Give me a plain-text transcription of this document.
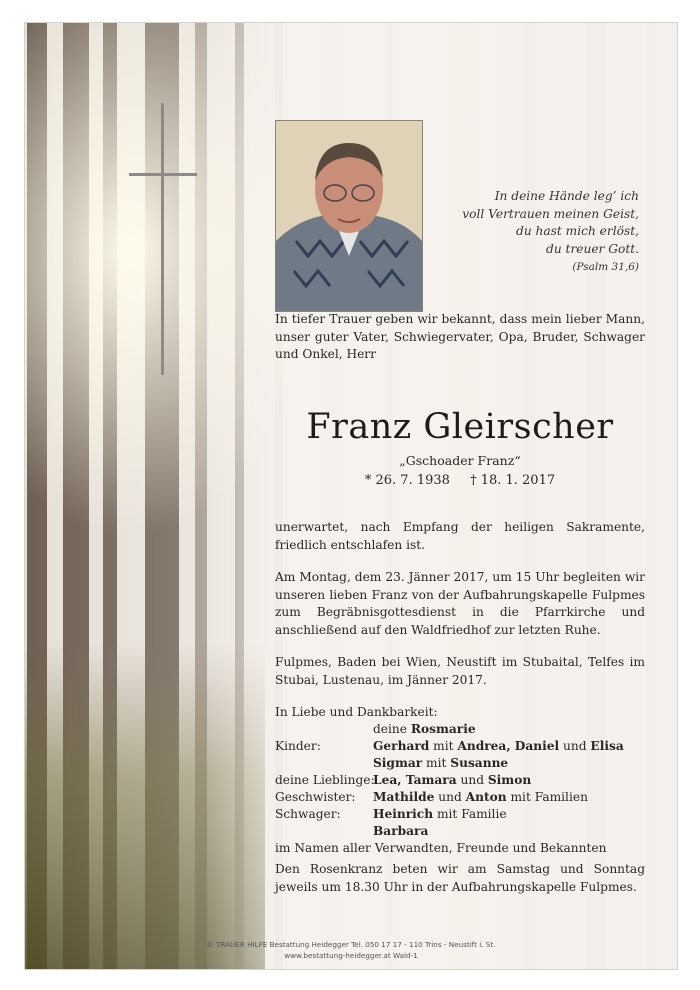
In deine Hände leg’ ich
voll Vertrauen meinen Geist,
du hast mich erlöst,
du treuer Gott.
(Psalm 31,6)
In tiefer Trauer geben wir bekannt, dass mein lieber Mann, unser guter Vater, Schwiegervater, Opa, Bruder, Schwager und Onkel, Herr
Franz Gleirscher
„Gschoader Franz“
* 26. 7. 1938 † 18. 1. 2017
unerwartet, nach Empfang der heiligen Sakramente, friedlich entschlafen ist.
Am Montag, dem 23. Jänner 2017, um 15 Uhr begleiten wir unseren lieben Franz von der Aufbahrungskapelle Fulpmes zum Begräbnisgottesdienst in die Pfarrkirche und anschließend auf den Waldfriedhof zur letzten Ruhe.
Fulpmes, Baden bei Wien, Neustift im Stubaital, Telfes im Stubai, Lustenau, im Jänner 2017.
In Liebe und Dankbarkeit:
deine Rosmarie
Kinder:	Gerhard mit Andrea, Daniel und Elisa
Sigmar mit Susanne
deine Lieblinge:
Lea, Tamara und Simon
Geschwister: Mathilde und Anton mit Familien
Schwager:	Heinrich mit Familie
Barbara
im Namen aller Verwandten, Freunde und Bekannten
Den Rosenkranz beten wir am Samstag und Sonntag jeweils um 18.30 Uhr in der Aufbahrungskapelle Fulpmes.
© TRAUER HILFE Bestattung Heidegger Tel. 050 17 17 - 110 Trins - Neustift i. St.
www.bestattung-heidegger.at Wald-1
